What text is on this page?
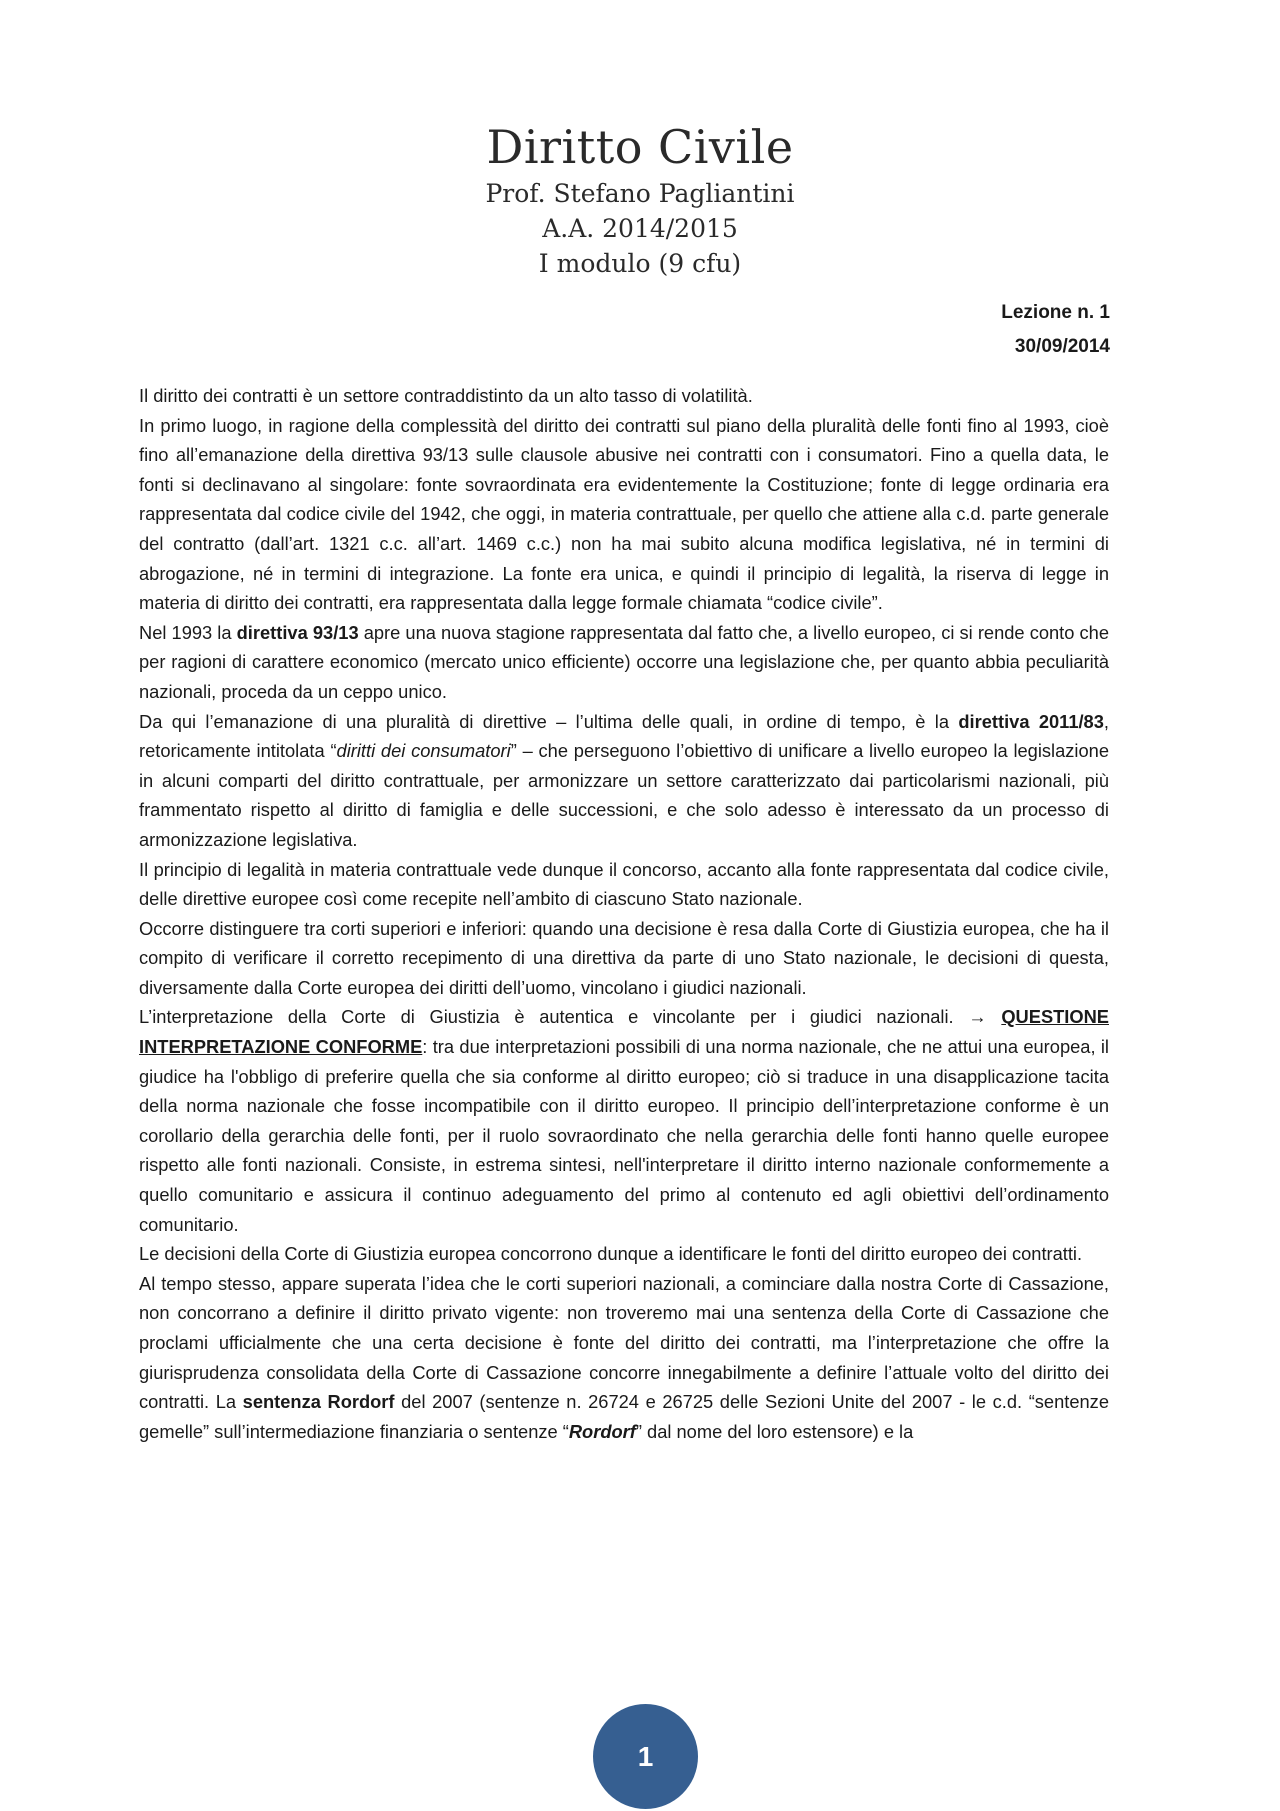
Diritto Civile
Prof. Stefano Pagliantini
A.A. 2014/2015
I modulo (9 cfu)
Lezione n. 1
30/09/2014

Il diritto dei contratti è un settore contraddistinto da un alto tasso di volatilità.

In primo luogo, in ragione della complessità del diritto dei contratti sul piano della pluralità delle fonti fino al 1993, cioè fino all’emanazione della direttiva 93/13 sulle clausole abusive nei contratti con i consumatori. Fino a quella data, le fonti si declinavano al singolare: fonte sovraordinata era evidentemente la Costituzione; fonte di legge ordinaria era rappresentata dal codice civile del 1942, che oggi, in materia contrattuale, per quello che attiene alla c.d. parte generale del contratto (dall’art. 1321 c.c. all’art. 1469 c.c.) non ha mai subito alcuna modifica legislativa, né in termini di abrogazione, né in termini di integrazione. La fonte era unica, e quindi il principio di legalità, la riserva di legge in materia di diritto dei contratti, era rappresentata dalla legge formale chiamata “codice civile”.

Nel 1993 la direttiva 93/13 apre una nuova stagione rappresentata dal fatto che, a livello europeo, ci si rende conto che per ragioni di carattere economico (mercato unico efficiente) occorre una legislazione che, per quanto abbia peculiarità nazionali, proceda da un ceppo unico.

Da qui l’emanazione di una pluralità di direttive – l’ultima delle quali, in ordine di tempo, è la direttiva 2011/83, retoricamente intitolata “diritti dei consumatori” – che perseguono l’obiettivo di unificare a livello europeo la legislazione in alcuni comparti del diritto contrattuale, per armonizzare un settore caratterizzato dai particolarismi nazionali, più frammentato rispetto al diritto di famiglia e delle successioni, e che solo adesso è interessato da un processo di armonizzazione legislativa.

Il principio di legalità in materia contrattuale vede dunque il concorso, accanto alla fonte rappresentata dal codice civile, delle direttive europee così come recepite nell’ambito di ciascuno Stato nazionale.

Occorre distinguere tra corti superiori e inferiori: quando una decisione è resa dalla Corte di Giustizia europea, che ha il compito di verificare il corretto recepimento di una direttiva da parte di uno Stato nazionale, le decisioni di questa, diversamente dalla Corte europea dei diritti dell’uomo, vincolano i giudici nazionali.

L’interpretazione della Corte di Giustizia è autentica e vincolante per i giudici nazionali. → QUESTIONE INTERPRETAZIONE CONFORME: tra due interpretazioni possibili di una norma nazionale, che ne attui una europea, il giudice ha l'obbligo di preferire quella che sia conforme al diritto europeo; ciò si traduce in una disapplicazione tacita della norma nazionale che fosse incompatibile con il diritto europeo. Il principio dell’interpretazione conforme è un corollario della gerarchia delle fonti, per il ruolo sovraordinato che nella gerarchia delle fonti hanno quelle europee rispetto alle fonti nazionali. Consiste, in estrema sintesi, nell'interpretare il diritto interno nazionale conformemente a quello comunitario e assicura il continuo adeguamento del primo al contenuto ed agli obiettivi dell’ordinamento comunitario.

Le decisioni della Corte di Giustizia europea concorrono dunque a identificare le fonti del diritto europeo dei contratti.

Al tempo stesso, appare superata l’idea che le corti superiori nazionali, a cominciare dalla nostra Corte di Cassazione, non concorrano a definire il diritto privato vigente: non troveremo mai una sentenza della Corte di Cassazione che proclami ufficialmente che una certa decisione è fonte del diritto dei contratti, ma l’interpretazione che offre la giurisprudenza consolidata della Corte di Cassazione concorre innegabilmente a definire l’attuale volto del diritto dei contratti. La sentenza Rordorf del 2007 (sentenze n. 26724 e 26725 delle Sezioni Unite del 2007 - le c.d. “sentenze gemelle” sull’intermediazione finanziaria o sentenze “Rordorf” dal nome del loro estensore) e la

1
